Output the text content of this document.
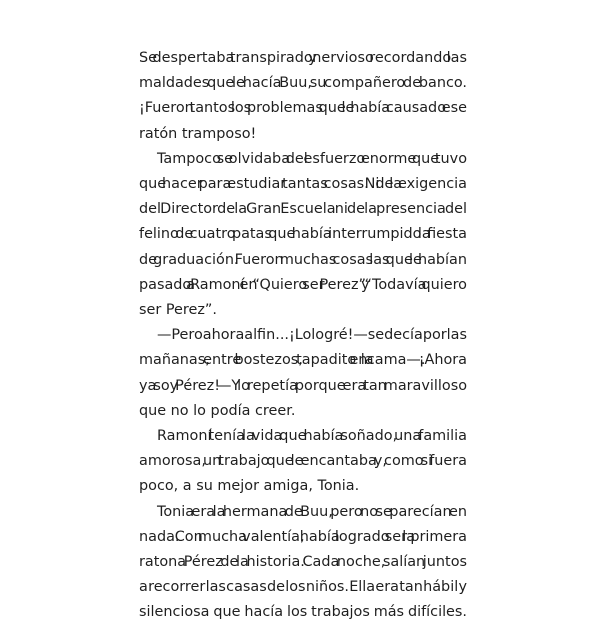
Se despertaba transpirado y nervioso recordando las
maldades que le hacía Buu, su compañero de banco.
¡Fueron tantos los problemas que le había causado ese
ratón tramposo!

Tampoco se olvidaba del esfuerzo enorme que tuvo
que hacer para estudiar tantas cosas. Ni de la exigencia
del Director de la Gran Escuela ni de la presencia del
felino de cuatro patas que había interrumpido la fiesta
de graduación. Fueron muchas cosas las que le habían
pasado a Ramoní en “Quiero ser Perez” y “Todavía quiero
ser Perez”.

—Pero ahora al fin... ¡Lo logré! —se decía por las
mañanas, entre bostezos, tapadito en la cama—. ¡Ahora
ya soy Pérez! —Y lo repetía porque era tan maravilloso
que no lo podía creer.

Ramoní tenía la vida que había soñado, una familia
amorosa, un trabajo que le encantaba y, como si fuera
poco, a su mejor amiga, Tonia.

Tonia era la hermana de Buu, pero no se parecían en
nada. Con mucha valentía, había logrado ser la primera
ratona Pérez de la historia. Cada noche, salían juntos
a recorrer las casas de los niños. Ella era tan hábil y
silenciosa que hacía los trabajos más difíciles.
